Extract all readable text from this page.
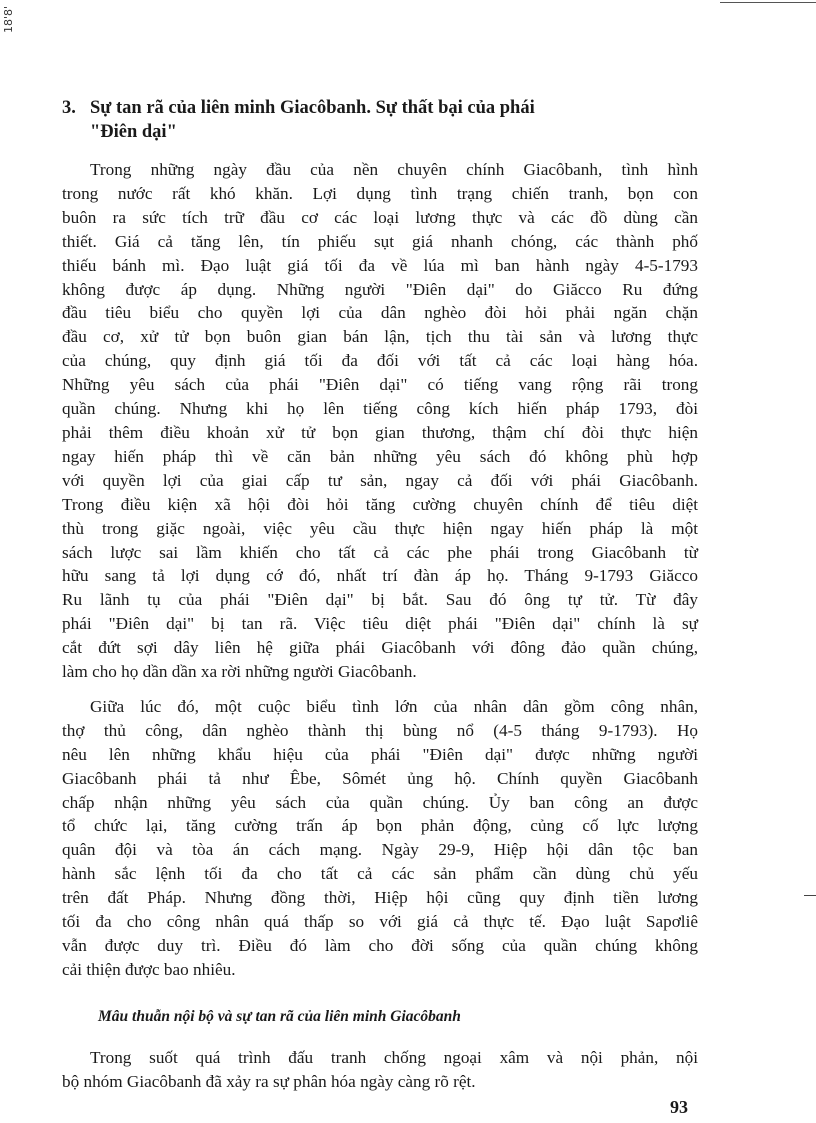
18'8'
3. Sự tan rã của liên minh Giacôbanh. Sự thất bại của phái
"Điên dại"
Trong những ngày đầu của nền chuyên chính Giacôbanh, tình hình
trong nước rất khó khăn. Lợi dụng tình trạng chiến tranh, bọn con
buôn ra sức tích trữ đầu cơ các loại lương thực và các đồ dùng cần
thiết. Giá cả tăng lên, tín phiếu sụt giá nhanh chóng, các thành phố
thiếu bánh mì. Đạo luật giá tối đa về lúa mì ban hành ngày 4-5-1793
không được áp dụng. Những người "Điên dại" do Giăcco Ru đứng
đầu tiêu biểu cho quyền lợi của dân nghèo đòi hỏi phải ngăn chặn
đầu cơ, xử tử bọn buôn gian bán lận, tịch thu tài sản và lương thực
của chúng, quy định giá tối đa đối với tất cả các loại hàng hóa.
Những yêu sách của phái "Điên dại" có tiếng vang rộng rãi trong
quần chúng. Nhưng khi họ lên tiếng công kích hiến pháp 1793, đòi
phải thêm điều khoản xử tử bọn gian thương, thậm chí đòi thực hiện
ngay hiến pháp thì về căn bản những yêu sách đó không phù hợp
với quyền lợi của giai cấp tư sản, ngay cả đối với phái Giacôbanh.
Trong điều kiện xã hội đòi hỏi tăng cường chuyên chính để tiêu diệt
thù trong giặc ngoài, việc yêu cầu thực hiện ngay hiến pháp là một
sách lược sai lầm khiến cho tất cả các phe phái trong Giacôbanh từ
hữu sang tả lợi dụng cớ đó, nhất trí đàn áp họ. Tháng 9-1793 Giăcco
Ru lãnh tụ của phái "Điên dại" bị bắt. Sau đó ông tự tử. Từ đây
phái "Điên dại" bị tan rã. Việc tiêu diệt phái "Điên dại" chính là sự
cắt đứt sợi dây liên hệ giữa phái Giacôbanh với đông đảo quần chúng,
làm cho họ dần dần xa rời những người Giacôbanh.
Giữa lúc đó, một cuộc biểu tình lớn của nhân dân gồm công nhân,
thợ thủ công, dân nghèo thành thị bùng nổ (4-5 tháng 9-1793). Họ
nêu lên những khẩu hiệu của phái "Điên dại" được những người
Giacôbanh phái tả như Êbe, Sômét ủng hộ. Chính quyền Giacôbanh
chấp nhận những yêu sách của quần chúng. Ủy ban công an được
tổ chức lại, tăng cường trấn áp bọn phản động, củng cố lực lượng
quân đội và tòa án cách mạng. Ngày 29-9, Hiệp hội dân tộc ban
hành sắc lệnh tối đa cho tất cả các sản phẩm cần dùng chủ yếu
trên đất Pháp. Nhưng đồng thời, Hiệp hội cũng quy định tiền lương
tối đa cho công nhân quá thấp so với giá cả thực tế. Đạo luật Sapơliê
vẫn được duy trì. Điều đó làm cho đời sống của quần chúng không
cải thiện được bao nhiêu.
Mâu thuẫn nội bộ và sự tan rã của liên minh Giacôbanh
Trong suốt quá trình đấu tranh chống ngoại xâm và nội phản, nội
bộ nhóm Giacôbanh đã xảy ra sự phân hóa ngày càng rõ rệt.
93
